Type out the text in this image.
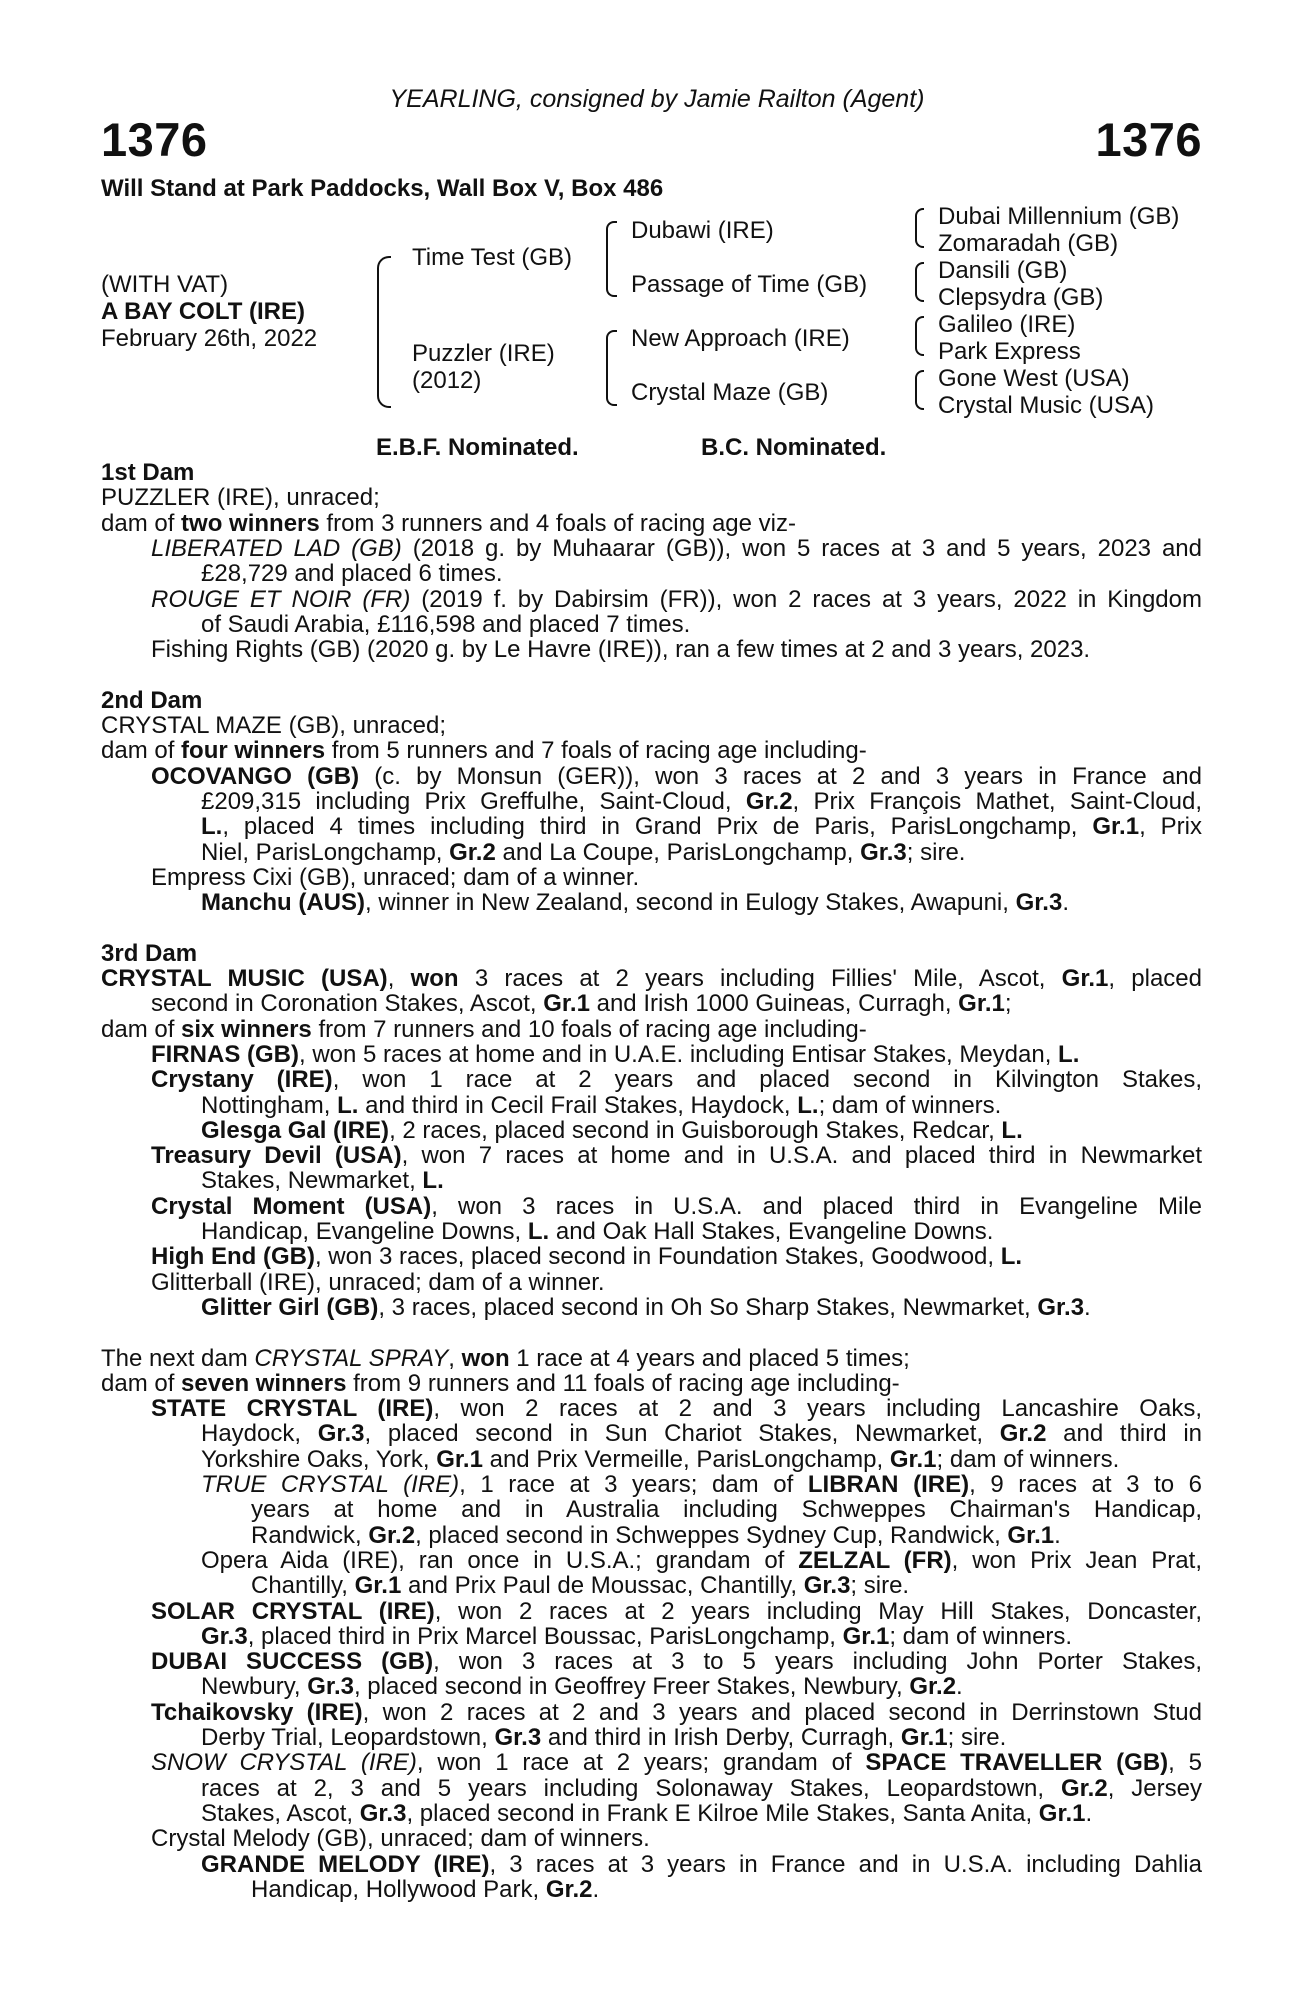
YEARLING, consigned by Jamie Railton (Agent)
1376	1376
Will Stand at Park Paddocks, Wall Box V, Box 486
(WITH VAT)
A BAY COLT (IRE)
February 26th, 2022
Time Test (GB)
Puzzler (IRE)
(2012)
Dubawi (IRE)
Passage of Time (GB)
New Approach (IRE)
Crystal Maze (GB)
Dubai Millennium (GB)
Zomaradah (GB)
Dansili (GB)
Clepsydra (GB)
Galileo (IRE)
Park Express
Gone West (USA)
Crystal Music (USA)
E.B.F. Nominated.	B.C. Nominated.
1st Dam
PUZZLER (IRE), unraced;
dam of two winners from 3 runners and 4 foals of racing age viz-
LIBERATED LAD (GB) (2018 g. by Muhaarar (GB)), won 5 races at 3 and 5 years, 2023 and
£28,729 and placed 6 times.
ROUGE ET NOIR (FR) (2019 f. by Dabirsim (FR)), won 2 races at 3 years, 2022 in Kingdom
of Saudi Arabia, £116,598 and placed 7 times.
Fishing Rights (GB) (2020 g. by Le Havre (IRE)), ran a few times at 2 and 3 years, 2023.
2nd Dam
CRYSTAL MAZE (GB), unraced;
dam of four winners from 5 runners and 7 foals of racing age including-
OCOVANGO (GB) (c. by Monsun (GER)), won 3 races at 2 and 3 years in France and
£209,315 including Prix Greffulhe, Saint-Cloud, Gr.2, Prix François Mathet, Saint-Cloud,
L., placed 4 times including third in Grand Prix de Paris, ParisLongchamp, Gr.1, Prix
Niel, ParisLongchamp, Gr.2 and La Coupe, ParisLongchamp, Gr.3; sire.
Empress Cixi (GB), unraced; dam of a winner.
Manchu (AUS), winner in New Zealand, second in Eulogy Stakes, Awapuni, Gr.3.
3rd Dam
CRYSTAL MUSIC (USA), won 3 races at 2 years including Fillies' Mile, Ascot, Gr.1, placed
second in Coronation Stakes, Ascot, Gr.1 and Irish 1000 Guineas, Curragh, Gr.1;
dam of six winners from 7 runners and 10 foals of racing age including-
FIRNAS (GB), won 5 races at home and in U.A.E. including Entisar Stakes, Meydan, L.
Crystany (IRE), won 1 race at 2 years and placed second in Kilvington Stakes,
Nottingham, L. and third in Cecil Frail Stakes, Haydock, L.; dam of winners.
Glesga Gal (IRE), 2 races, placed second in Guisborough Stakes, Redcar, L.
Treasury Devil (USA), won 7 races at home and in U.S.A. and placed third in Newmarket
Stakes, Newmarket, L.
Crystal Moment (USA), won 3 races in U.S.A. and placed third in Evangeline Mile
Handicap, Evangeline Downs, L. and Oak Hall Stakes, Evangeline Downs.
High End (GB), won 3 races, placed second in Foundation Stakes, Goodwood, L.
Glitterball (IRE), unraced; dam of a winner.
Glitter Girl (GB), 3 races, placed second in Oh So Sharp Stakes, Newmarket, Gr.3.
The next dam CRYSTAL SPRAY, won 1 race at 4 years and placed 5 times;
dam of seven winners from 9 runners and 11 foals of racing age including-
STATE CRYSTAL (IRE), won 2 races at 2 and 3 years including Lancashire Oaks,
Haydock, Gr.3, placed second in Sun Chariot Stakes, Newmarket, Gr.2 and third in
Yorkshire Oaks, York, Gr.1 and Prix Vermeille, ParisLongchamp, Gr.1; dam of winners.
TRUE CRYSTAL (IRE), 1 race at 3 years; dam of LIBRAN (IRE), 9 races at 3 to 6
years at home and in Australia including Schweppes Chairman's Handicap,
Randwick, Gr.2, placed second in Schweppes Sydney Cup, Randwick, Gr.1.
Opera Aida (IRE), ran once in U.S.A.; grandam of ZELZAL (FR), won Prix Jean Prat,
Chantilly, Gr.1 and Prix Paul de Moussac, Chantilly, Gr.3; sire.
SOLAR CRYSTAL (IRE), won 2 races at 2 years including May Hill Stakes, Doncaster,
Gr.3, placed third in Prix Marcel Boussac, ParisLongchamp, Gr.1; dam of winners.
DUBAI SUCCESS (GB), won 3 races at 3 to 5 years including John Porter Stakes,
Newbury, Gr.3, placed second in Geoffrey Freer Stakes, Newbury, Gr.2.
Tchaikovsky (IRE), won 2 races at 2 and 3 years and placed second in Derrinstown Stud
Derby Trial, Leopardstown, Gr.3 and third in Irish Derby, Curragh, Gr.1; sire.
SNOW CRYSTAL (IRE), won 1 race at 2 years; grandam of SPACE TRAVELLER (GB), 5
races at 2, 3 and 5 years including Solonaway Stakes, Leopardstown, Gr.2, Jersey
Stakes, Ascot, Gr.3, placed second in Frank E Kilroe Mile Stakes, Santa Anita, Gr.1.
Crystal Melody (GB), unraced; dam of winners.
GRANDE MELODY (IRE), 3 races at 3 years in France and in U.S.A. including Dahlia
Handicap, Hollywood Park, Gr.2.
